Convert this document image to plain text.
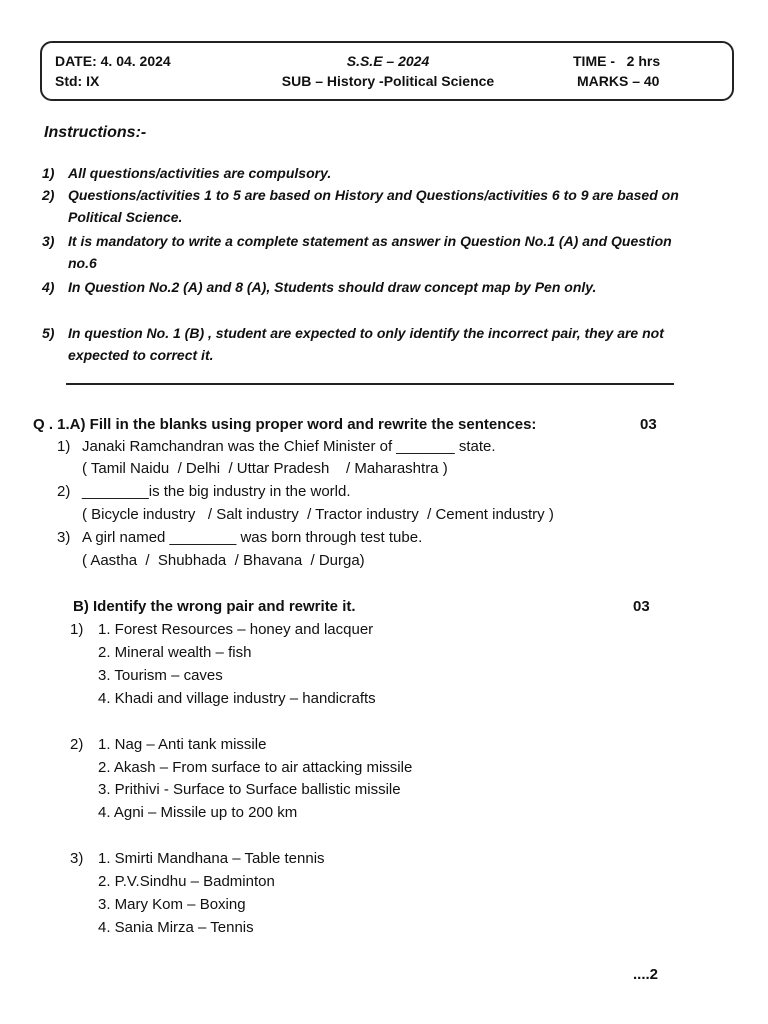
DATE: 4. 04. 2024
Std: IX
S.S.E – 2024
SUB – History -Political Science
TIME -   2 hrs
MARKS – 40
Instructions:-
1) All questions/activities are compulsory.
2) Questions/activities 1 to 5 are based on History and Questions/activities 6 to 9 are based on Political Science.
3) It is mandatory to write a complete statement as answer in Question No.1 (A) and Question no.6
4) In Question No.2 (A) and 8 (A), Students should draw concept map by Pen only.
5) In question No. 1 (B) , student are expected to only identify the incorrect pair, they are not expected to correct it.
Q . 1.A) Fill in the blanks using proper word and rewrite the sentences:	03
1) Janaki Ramchandran was the Chief Minister of _______ state.
( Tamil Naidu  / Delhi  / Uttar Pradesh    / Maharashtra )
2) ________is the big industry in the world.
( Bicycle industry   / Salt industry  / Tractor industry  / Cement industry )
3) A girl named ________ was born through test tube.
( Aastha  /  Shubhada  / Bhavana  / Durga)
B) Identify the wrong pair and rewrite it.	03
1) 1. Forest Resources – honey and lacquer
2. Mineral wealth – fish
3. Tourism – caves
4. Khadi and village industry – handicrafts
2) 1. Nag – Anti tank missile
2. Akash – From surface to air attacking missile
3. Prithivi - Surface to Surface ballistic missile
4. Agni – Missile up to 200 km
3) 1. Smirti Mandhana – Table tennis
2. P.V.Sindhu – Badminton
3. Mary Kom – Boxing
4. Sania Mirza – Tennis
....2
